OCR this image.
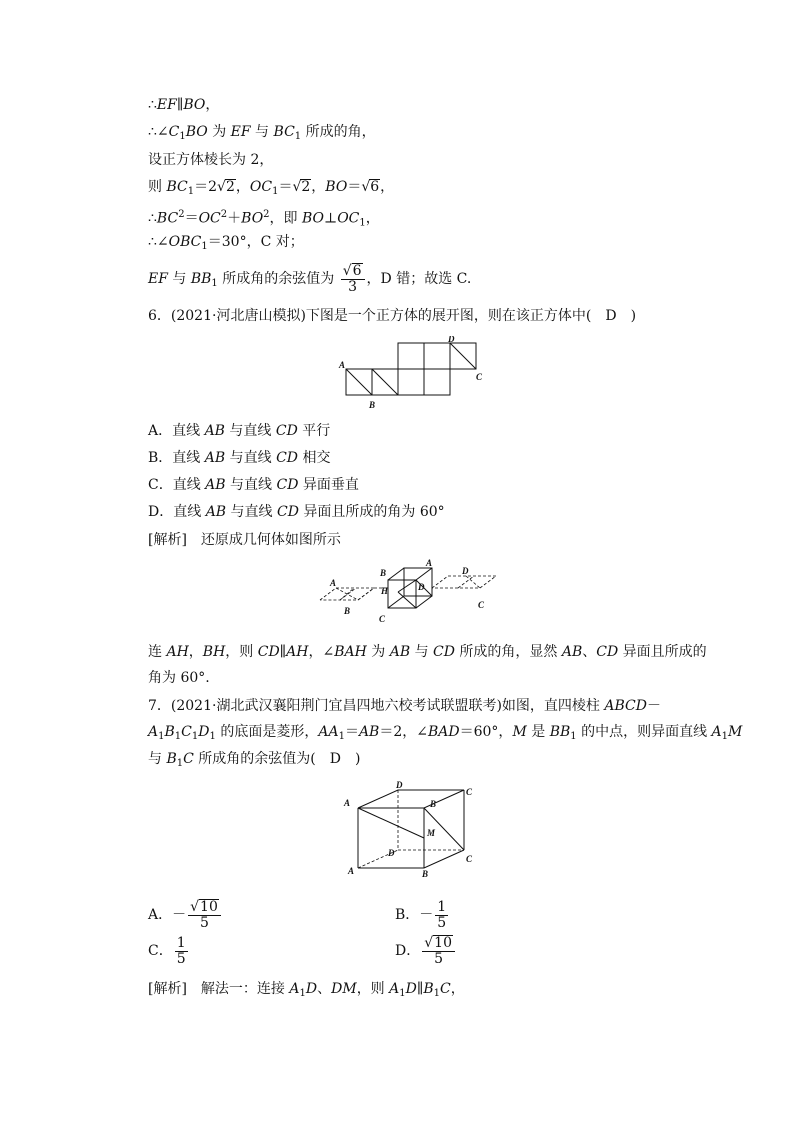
∴EF∥BO，
$\therefore\angle C_1BO$ 为 EF 与 $BC_1$ 所成的角，
设正方体棱长为 2，
则 $BC_1=2√2$，$OC_1=√2$，BO＝√6，
$\therefore BC^2=OC^2+BO^2$，即 $BO\perp OC_1$，
$\therefore\angle OBC_1=30^\circ$，C 对；
EF 与 $BB_1$ 所成角的余弦值为 $\frac{√6}{3}$ ，D 错；故选 C.
6．(2021·河北唐山模拟)下图是一个正方体的展开图，则在该正方体中(　D　)
A
B
D
C
A．直线 AB 与直线 CD 平行
B．直线 AB 与直线 CD 相交
C．直线 AB 与直线 CD 异面垂直
D．直线 AB 与直线 CD 异面且所成的角为 60°
[解析]　还原成几何体如图所示
A
B
B
H
C
A
D
D
C
连 AH，BH，则 CD∥AH，∠BAH 为 AB 与 CD 所成的角，显然 AB、CD 异面且所成的
角为 60°.
7．(2021·湖北武汉襄阳荆门宜昌四地六校考试联盟联考)如图，直四棱柱 ABCD－
$A_1B_1C_1D_1$ 的底面是菱形，$AA_1=AB=2$，∠BAD＝60°，M 是 $BB_1$ 的中点，则异面直线 $A_1M$
与 $B_1C$ 所成角的余弦值为(　D　)
A
D
B
C
M
D
A	B
C
A．－ $\frac{√10}{5}$	B．－ $\frac{1}{5}$
C． $\frac{1}{5}$	D． $\frac{√10}{5}$
[解析]　解法一：连接 $A_1D$、DM，则 $A_1D\parallel B_1C$，
